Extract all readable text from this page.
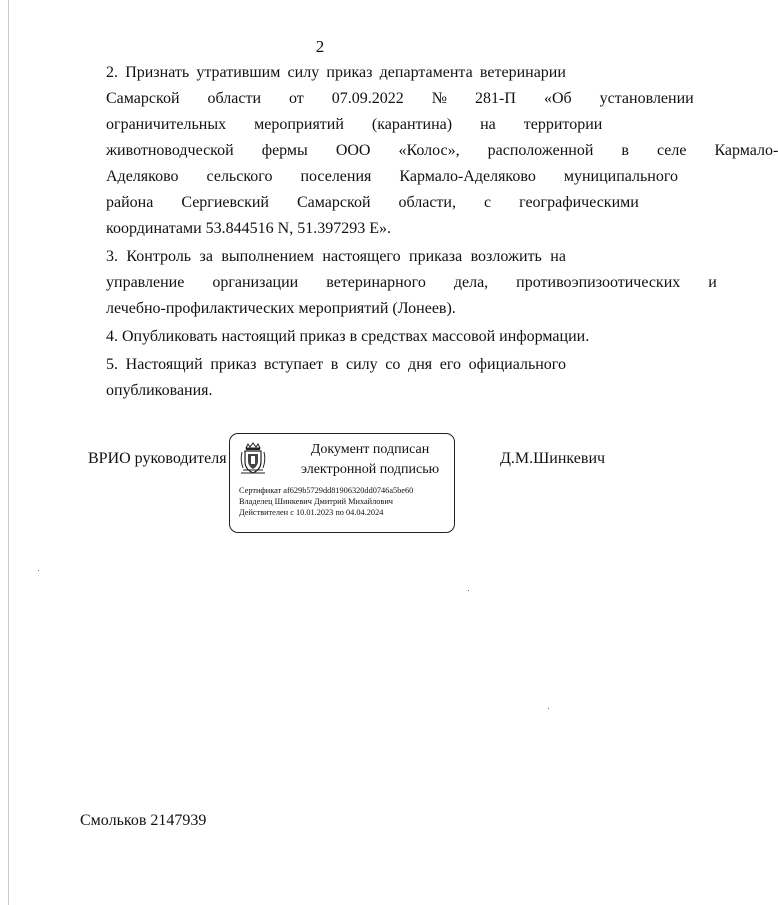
2
2. Признать утратившим силу приказ департамента ветеринарии
Самарской	области	от	07.09.2022	№	281-П	«Об	установлении
ограничительных	мероприятий	(карантина)	на	территории
животноводческой	фермы	ООО	«Колос»,	расположенной	в	селе	Кармало-
Аделяково	сельского	поселения	Кармало-Аделяково	муниципального
района	Сергиевский	Самарской	области,	с	географическими
координатами 53.844516 N, 51.397293 E».
3. Контроль за выполнением настоящего приказа возложить на
управление	организации	ветеринарного	дела,	противоэпизоотических	и
лечебно-профилактических мероприятий (Лонеев).
4. Опубликовать настоящий приказ в средствах массовой информации.
5. Настоящий приказ вступает в силу со дня его официального
опубликования.
ВРИО руководителя
Документ подписан
электронной подписью
Сертификат af629b5729dd81906320dd0746a5be60
Владелец Шинкевич Дмитрий Михайлович
Действителен с 10.01.2023 по 04.04.2024
Д.М.Шинкевич
Смольков 2147939
